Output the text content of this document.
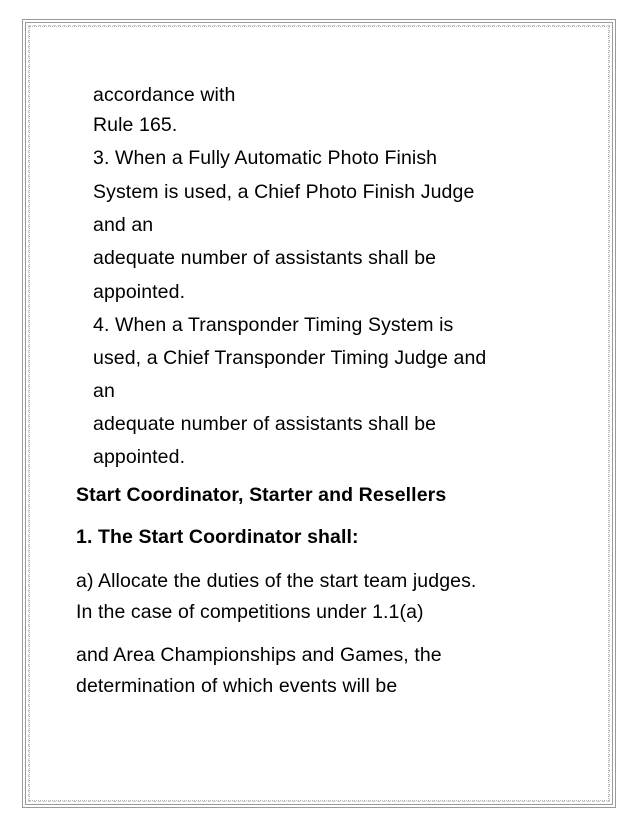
accordance with
Rule 165.
3. When a Fully Automatic Photo Finish
System is used, a Chief Photo Finish Judge
and an
adequate number of assistants shall be
appointed.
4. When a Transponder Timing System is
used, a Chief Transponder Timing Judge and
an
adequate number of assistants shall be
appointed.
Start Coordinator, Starter and Resellers
1. The Start Coordinator shall:
a) Allocate the duties of the start team judges.
In the case of competitions under 1.1(a)
and Area Championships and Games, the
determination of which events will be
